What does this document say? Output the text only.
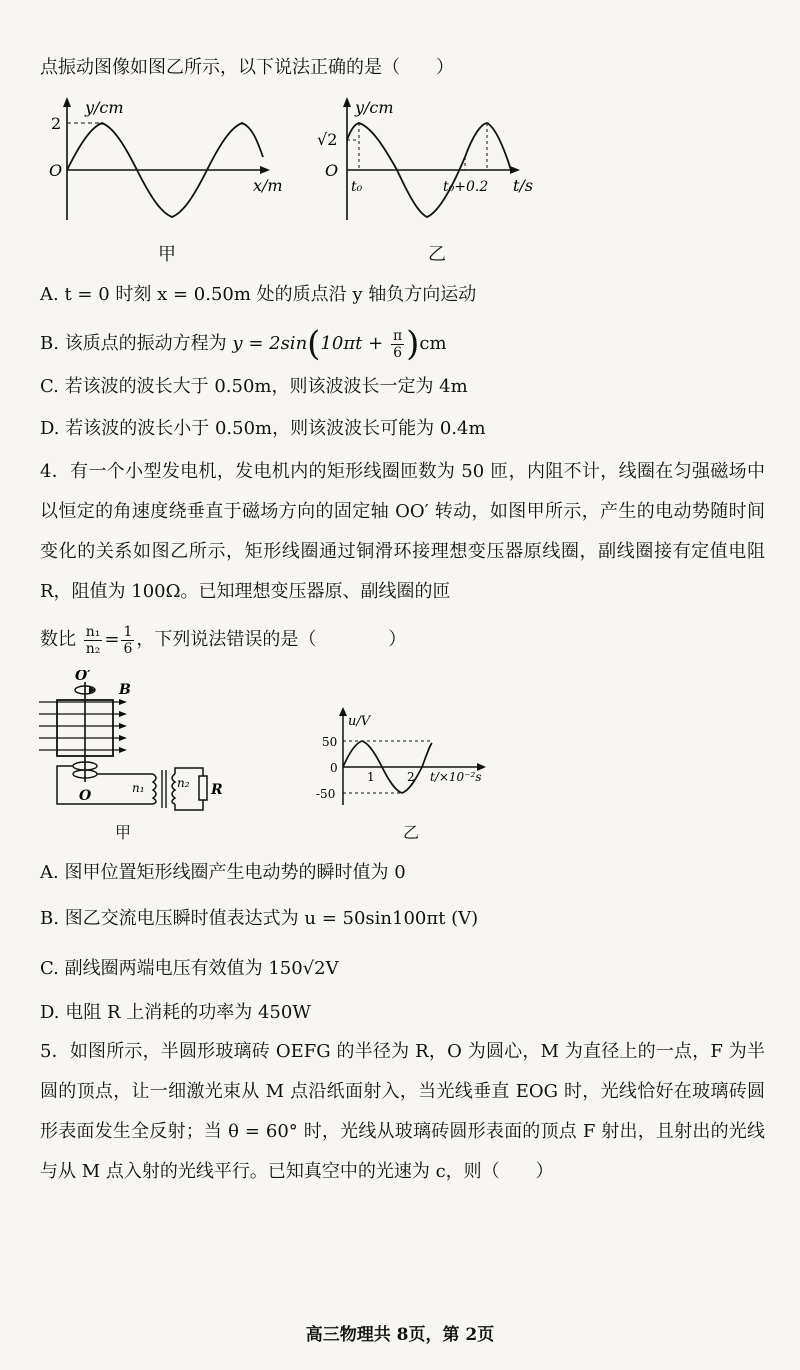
点振动图像如图乙所示，以下说法正确的是（　　）
y/cm
2
O
x/m
甲
y/cm
√2
O
t₀	t₀+0.2 t/s
乙
A. t = 0 时刻 x = 0.50m 处的质点沿 y 轴负方向运动
B. 该质点的振动方程为 $y = 2\sin(10\pi t + \frac{\pi}{6} )cm$
C. 若该波的波长大于 0.50m，则该波波长一定为 4m
D. 若该波的波长小于 0.50m，则该波波长可能为 0.4m
4．有一个小型发电机，发电机内的矩形线圈匝数为 50 匝，内阻不计，线圈在匀强磁场中以恒定的角速度绕垂直于磁场方向的固定轴 OO′ 转动，如图甲所示，产生的电动势随时间变化的关系如图乙所示，矩形线圈通过铜滑环接理想变压器原线圈，副线圈接有定值电阻 R，阻值为 100Ω。已知理想变压器原、副线圈的匝
数比 $\frac{\text{n₁}}{\text{n₂}} = \frac{1}{6}$ ，下列说法错误的是（　　　　）
O′
B
O	n₁	n₂ R
甲
u/V
50
0
-50
1	2 t/×10⁻²s
乙
A. 图甲位置矩形线圈产生电动势的瞬时值为 0
B. 图乙交流电压瞬时值表达式为 u = 50sin100πt (V)
C. 副线圈两端电压有效值为 150√2V
D. 电阻 R 上消耗的功率为 450W
5．如图所示，半圆形玻璃砖 OEFG 的半径为 R，O 为圆心，M 为直径上的一点，F 为半圆的顶点，让一细激光束从 M 点沿纸面射入，当光线垂直 EOG 时，光线恰好在玻璃砖圆形表面发生全反射；当 θ = 60° 时，光线从玻璃砖圆形表面的顶点 F 射出，且射出的光线与从 M 点入射的光线平行。已知真空中的光速为 c，则（　　）
高三物理共 8页，第 2页
